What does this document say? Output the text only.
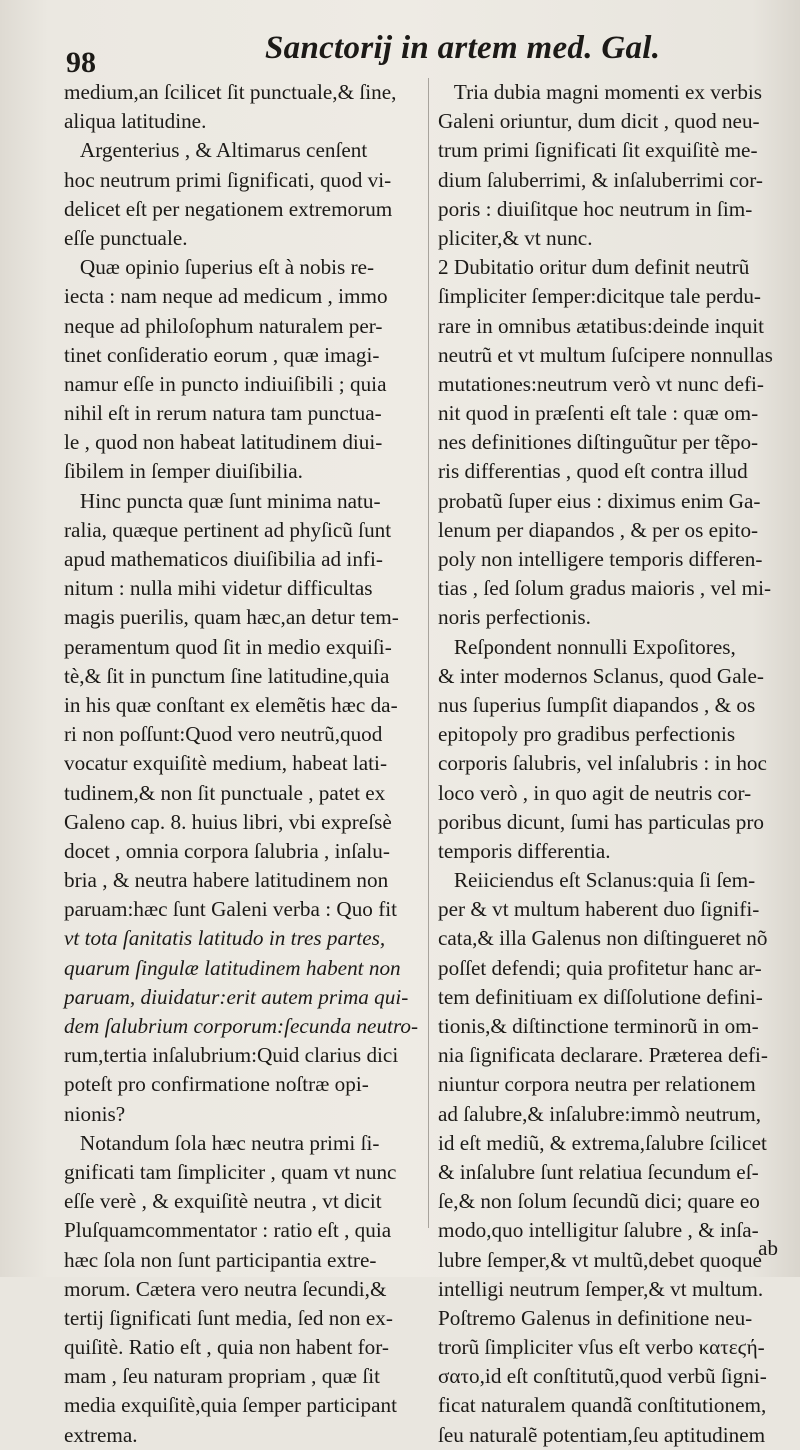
98	Sanctorij in artem med. Gal.
medium,an ſcilicet ſit punctuale,& ſine,
aliqua latitudine.
Argenterius , & Altimarus cenſent
hoc neutrum primi ſignificati, quod vi-
delicet eſt per negationem extremorum
eſſe punctuale.
Quæ opinio ſuperius eſt à nobis re-
iecta : nam neque ad medicum , immo
neque ad philoſophum naturalem per-
tinet conſideratio eorum , quæ imagi-
namur eſſe in puncto indiuiſibili ; quia
nihil eſt in rerum natura tam punctua-
le , quod non habeat latitudinem diui-
ſibilem in ſemper diuiſibilia.
Hinc puncta quæ ſunt minima natu-
ralia, quæque pertinent ad phyſicũ ſunt
apud mathematicos diuiſibilia ad infi-
nitum : nulla mihi videtur difficultas
magis puerilis, quam hæc,an detur tem-
peramentum quod ſit in medio exquiſi-
tè,& ſit in punctum ſine latitudine,quia
in his quæ conſtant ex elemẽtis hæc da-
ri non poſſunt:Quod vero neutrũ,quod
vocatur exquiſitè medium, habeat lati-
tudinem,& non ſit punctuale , patet ex
Galeno cap. 8. huius libri, vbi expreſsè
docet , omnia corpora ſalubria , inſalu-
bria , & neutra habere latitudinem non
paruam:hæc ſunt Galeni verba : Quo fit
vt tota ſanitatis latitudo in tres partes,
quarum ſingulæ latitudinem habent non
paruam, diuidatur:erit autem prima qui-
dem ſalubrium corporum:ſecunda neutro-
rum,tertia inſalubrium:Quid clarius dici
poteſt pro confirmatione noſtræ opi-
nionis?
Notandum ſola hæc neutra primi ſi-
gnificati tam ſimpliciter , quam vt nunc
eſſe verè , & exquiſitè neutra , vt dicit
Pluſquamcommentator : ratio eſt , quia
hæc ſola non ſunt participantia extre-
morum. Cætera vero neutra ſecundi,&
tertij ſignificati ſunt media, ſed non ex-
quiſitè. Ratio eſt , quia non habent for-
mam , ſeu naturam propriam , quæ ſit
media exquiſitè,quia ſemper participant
extrema.
Tria dubia magni momenti ex verbis
Galeni oriuntur, dum dicit , quod neu-
trum primi ſignificati ſit exquiſitè me-
dium ſaluberrimi, & inſaluberrimi cor-
poris : diuiſitque hoc neutrum in ſim-
pliciter,& vt nunc.
2 Dubitatio oritur dum definit neutrũ
ſimpliciter ſemper:dicitque tale perdu-
rare in omnibus ætatibus:deinde inquit
neutrũ et vt multum ſuſcipere nonnullas
mutationes:neutrum verò vt nunc defi-
nit quod in præſenti eſt tale : quæ om-
nes definitiones diſtinguũtur per tẽpo-
ris differentias , quod eſt contra illud
probatũ ſuper eius : diximus enim Ga-
lenum per diapandos , & per os epito-
poly non intelligere temporis differen-
tias , ſed ſolum gradus maioris , vel mi-
noris perfectionis.
Reſpondent nonnulli Expoſitores,
& inter modernos Sclanus, quod Gale-
nus ſuperius ſumpſit diapandos , & os
epitopoly pro gradibus perfectionis
corporis ſalubris, vel inſalubris : in hoc
loco verò , in quo agit de neutris cor-
poribus dicunt, ſumi has particulas pro
temporis differentia.
Reiiciendus eſt Sclanus:quia ſi ſem-
per & vt multum haberent duo ſignifi-
cata,& illa Galenus non diſtingueret nõ
poſſet defendi; quia profitetur hanc ar-
tem definitiuam ex diſſolutione defini-
tionis,& diſtinctione terminorũ in om-
nia ſignificata declarare. Præterea defi-
niuntur corpora neutra per relationem
ad ſalubre,& inſalubre:immò neutrum,
id eſt mediũ, & extrema,ſalubre ſcilicet
& inſalubre ſunt relatiua ſecundum eſ-
ſe,& non ſolum ſecundũ dici; quare eo
modo,quo intelligitur ſalubre , & inſa-
lubre ſemper,& vt multũ,debet quoque
intelligi neutrum ſemper,& vt multum.
Poſtremo Galenus in definitione neu-
trorũ ſimpliciter vſus eſt verbo κατεϛή-
σατο,id eſt conſtitutũ,quod verbũ ſigni-
ficat naturalem quandã conſtitutionem,
ſeu naturalẽ potentiam,ſeu aptitudinem
ab
